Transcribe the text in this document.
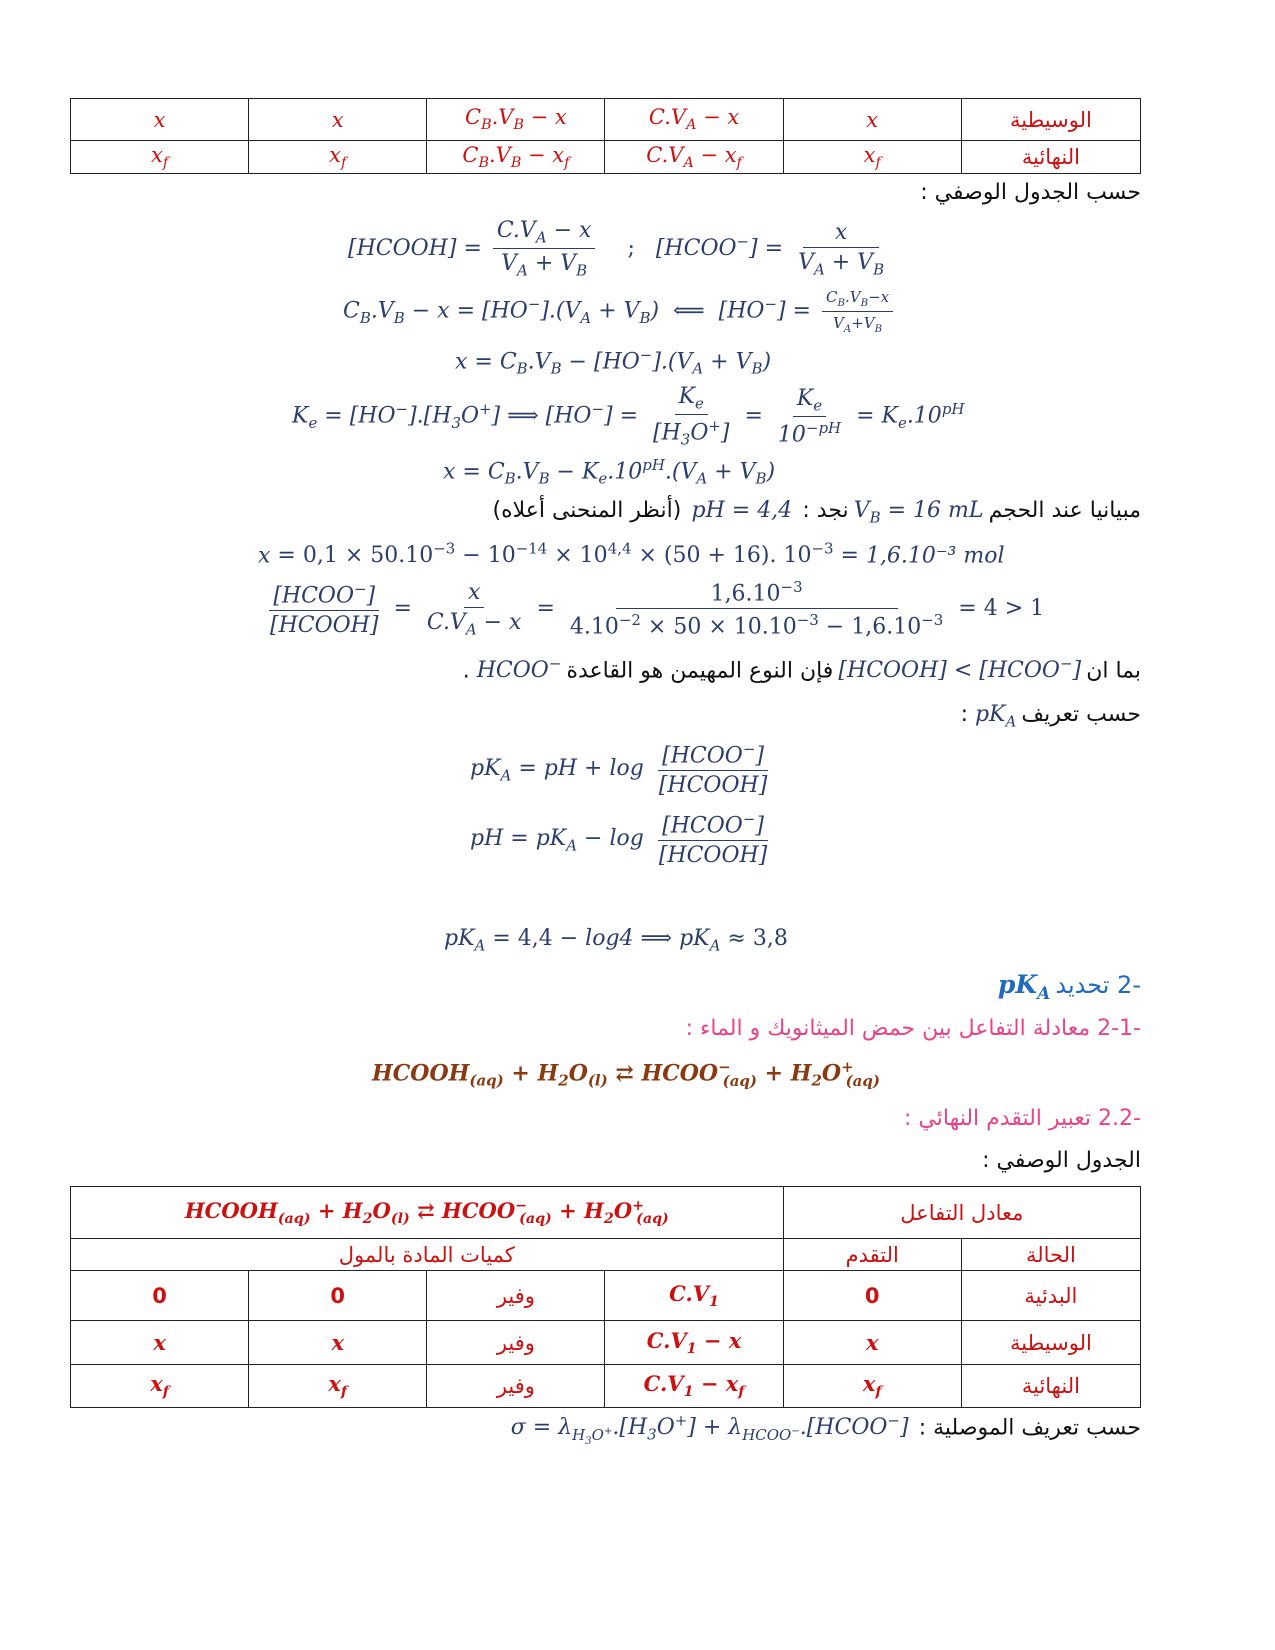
x	x	$C_B.V_B - x$	$C.V_A - x$	x	الوسيطية
$x_f$	$x_f$	$C_B.V_B - x_f$	$C.V_A - x_f$	$x_f$	النهائية
حسب الجدول الوصفي :
[HCOOH] = $\frac{C.V_A - x}{V_A + V_B}$ ;   [HCOO−] = $\frac{x}{V_A + V_B}$
$C_B.V_B - x = [HO^-].(V_A + V_B)$  ⟸  $[HO^-] = \frac{C_B.V_B-x}{V_A+V_B}$
$x = C_B.V_B - [HO^-].(V_A + V_B)$
$K_e = [HO^-].[H_3O^+]$ ⟹ $[HO^-] = \frac{K_e}{[H_3O^+]} = \frac{K_e}{10^{-pH}} = K_e.10^{pH}$
$x = C_B.V_B - K_e.10^{pH}.(V_A + V_B)$
مبيانيا عند الحجم $V_B = 16$ mL نجد :  pH = 4,4  (أنظر المنحنى أعلاه)
$x = 0,1 \times 50.10^{-3} - 10^{-14} \times 10^{4,4} \times (50 + 16)$. $10^{-3} = 1,6.10^{-3}$ mol
$\frac{[HCOO^-]}{\text{[HCOOH]}} = \frac{x}{C.V_A - x} = \frac{1,6.10^{-3}}{4.10^{-2} \times 50 \times 10.10^{-3} - 1,6.10^{-3}} = 4 > 1$
بما ان [HCOOH] < [HCOO−] فإن النوع المهيمن هو القاعدة HCOO− .
حسب تعريف $pK_A$ :
$pK_A$ = pH + $\log \frac{[HCOO^-]}{\text{[HCOOH]}}$
pH = $pK_A - \log \frac{[HCOO^-]}{\text{[HCOOH]}}$
$pK_A = 4,4 - \log 4$ ⟹ $pK_A \approx 3,8$
-2 تحديد $pK_A$
-2-1 معادلة التفاعل بين حمض الميثانويك و الماء :
$HCOOH_{(aq)} + H_2O_{(l)}$ ⇄ $HCOO^-_{(aq)} + H_2O^+_{(aq)}$
-2.2 تعبير التقدم النهائي :
الجدول الوصفي :
$HCOOH_{(aq)} + H_2O_{(l)}$ ⇄ $HCOO^-_{(aq)} + H_2O^+_{(aq)}$				معادل التفاعل	
كميات المادة بالمول				التقدم	الحالة
0	0	وفير	$C.V_1$	0	البدئية
x	x	وفير	$C.V_1 - x$	x	الوسيطية
$x_f$	$x_f$	وفير	$C.V_1 - x_f$	$x_f$	النهائية
حسب تعريف الموصلية :  $\sigma = \lambda_{H_3O^+}.[H_3O^+]$ + $\lambda_{HCOO^-}.[HCOO^-]$
